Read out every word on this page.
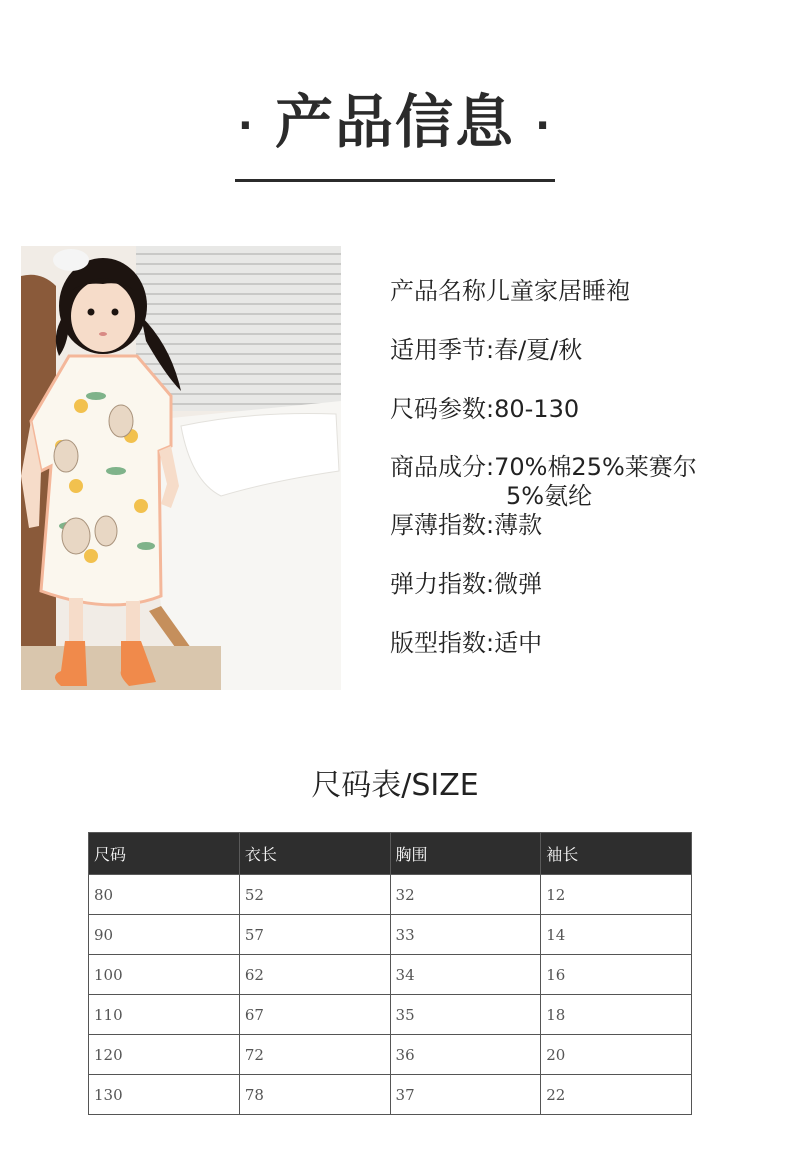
· 产品信息 ·
产品名称儿童家居睡袍
适用季节:春/夏/秋
尺码参数:80-130
商品成分:70%棉25%莱赛尔
5%氨纶
厚薄指数:薄款
弹力指数:微弹
版型指数:适中
尺码表/SIZE
尺码	衣长	胸围	袖长
80	52	32	12
90	57	33	14
100	62	34	16
110	67	35	18
120	72	36	20
130	78	37	22
